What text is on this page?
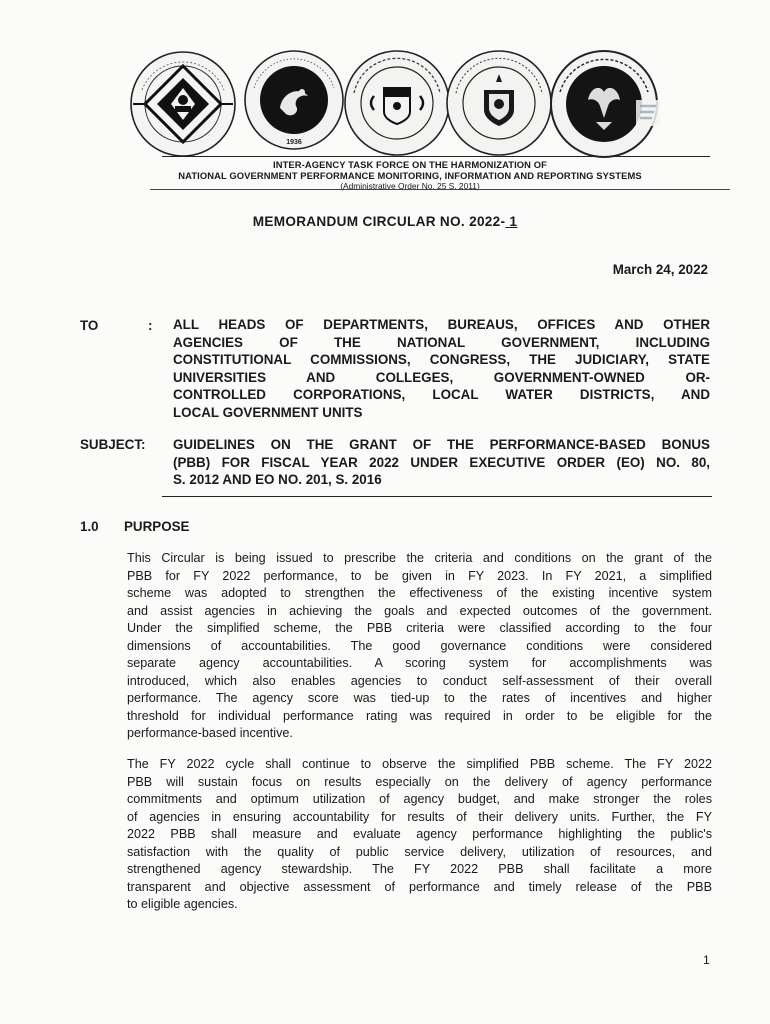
1936
INTER-AGENCY TASK FORCE ON THE HARMONIZATION OF
NATIONAL GOVERNMENT PERFORMANCE MONITORING, INFORMATION AND REPORTING SYSTEMS
(Administrative Order No. 25 S. 2011)
MEMORANDUM CIRCULAR NO. 2022- 1
March 24, 2022
TO	: ALL HEADS OF DEPARTMENTS, BUREAUS, OFFICES AND OTHER
AGENCIES OF THE NATIONAL GOVERNMENT, INCLUDING
CONSTITUTIONAL COMMISSIONS, CONGRESS, THE JUDICIARY, STATE
UNIVERSITIES AND COLLEGES, GOVERNMENT-OWNED OR-
CONTROLLED CORPORATIONS, LOCAL WATER DISTRICTS, AND
LOCAL GOVERNMENT UNITS
SUBJECT: GUIDELINES ON THE GRANT OF THE PERFORMANCE-BASED BONUS
(PBB) FOR FISCAL YEAR 2022 UNDER EXECUTIVE ORDER (EO) NO. 80,
S. 2012 AND EO NO. 201, S. 2016
1.0 PURPOSE
This Circular is being issued to prescribe the criteria and conditions on the grant of the
PBB for FY 2022 performance, to be given in FY 2023. In FY 2021, a simplified
scheme was adopted to strengthen the effectiveness of the existing incentive system
and assist agencies in achieving the goals and expected outcomes of the government.
Under the simplified scheme, the PBB criteria were classified according to the four
dimensions of accountabilities. The good governance conditions were considered
separate agency accountabilities. A scoring system for accomplishments was
introduced, which also enables agencies to conduct self-assessment of their overall
performance. The agency score was tied-up to the rates of incentives and higher
threshold for individual performance rating was required in order to be eligible for the
performance-based incentive.
The FY 2022 cycle shall continue to observe the simplified PBB scheme. The FY 2022
PBB will sustain focus on results especially on the delivery of agency performance
commitments and optimum utilization of agency budget, and make stronger the roles
of agencies in ensuring accountability for results of their delivery units. Further, the FY
2022 PBB shall measure and evaluate agency performance highlighting the public's
satisfaction with the quality of public service delivery, utilization of resources, and
strengthened agency stewardship. The FY 2022 PBB shall facilitate a more
transparent and objective assessment of performance and timely release of the PBB
to eligible agencies.
1
